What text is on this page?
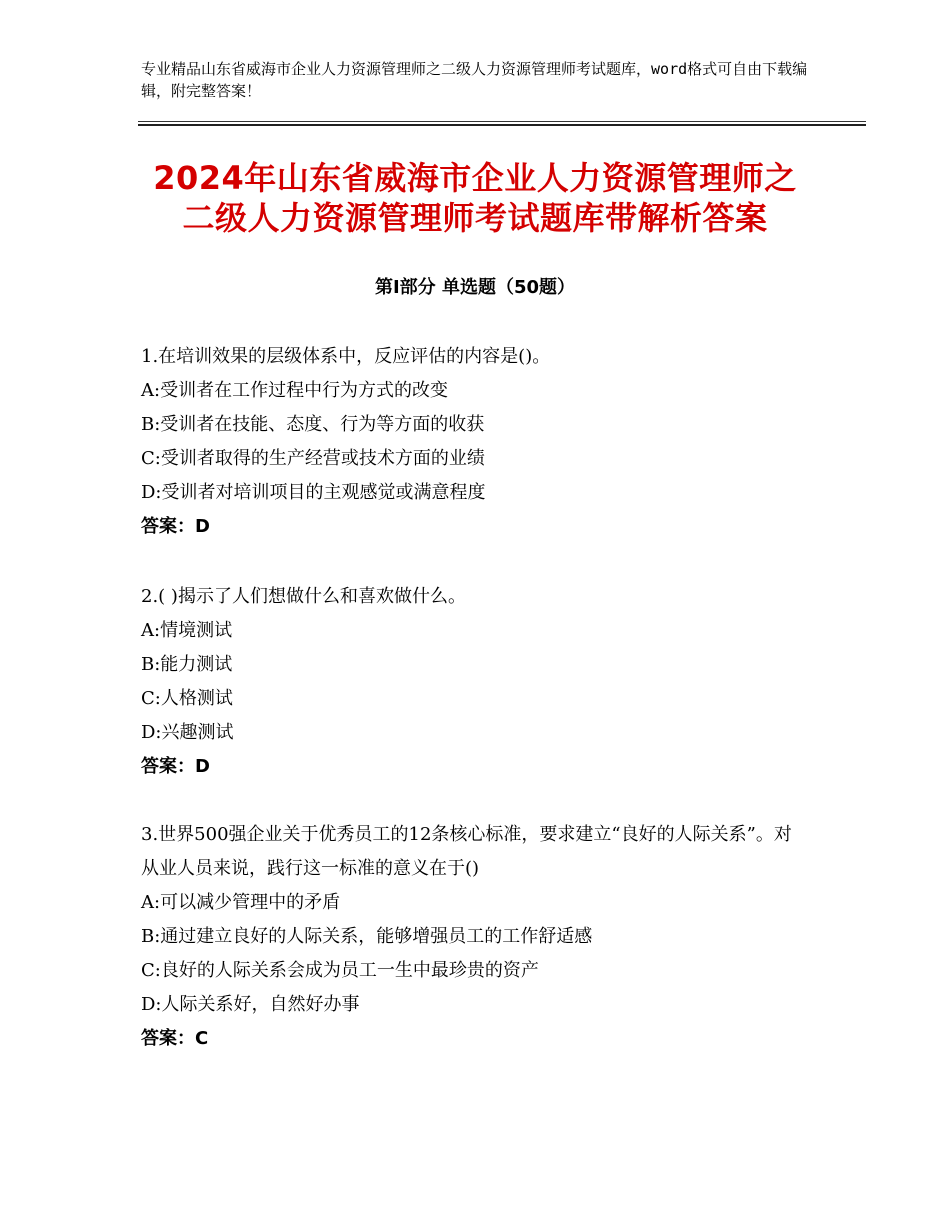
专业精品山东省威海市企业人力资源管理师之二级人力资源管理师考试题库，word格式可自由下载编辑，附完整答案！
2024年山东省威海市企业人力资源管理师之
二级人力资源管理师考试题库带解析答案
第Ⅰ部分 单选题（50题）
1.在培训效果的层级体系中，反应评估的内容是()。
A:受训者在工作过程中行为方式的改变
B:受训者在技能、态度、行为等方面的收获
C:受训者取得的生产经营或技术方面的业绩
D:受训者对培训项目的主观感觉或满意程度
答案：D
2.( )揭示了人们想做什么和喜欢做什么。
A:情境测试
B:能力测试
C:人格测试
D:兴趣测试
答案：D
3.世界500强企业关于优秀员工的12条核心标准，要求建立“良好的人际关系”。对从业人员来说，践行这一标准的意义在于()
A:可以减少管理中的矛盾
B:通过建立良好的人际关系，能够增强员工的工作舒适感
C:良好的人际关系会成为员工一生中最珍贵的资产
D:人际关系好，自然好办事
答案：C
